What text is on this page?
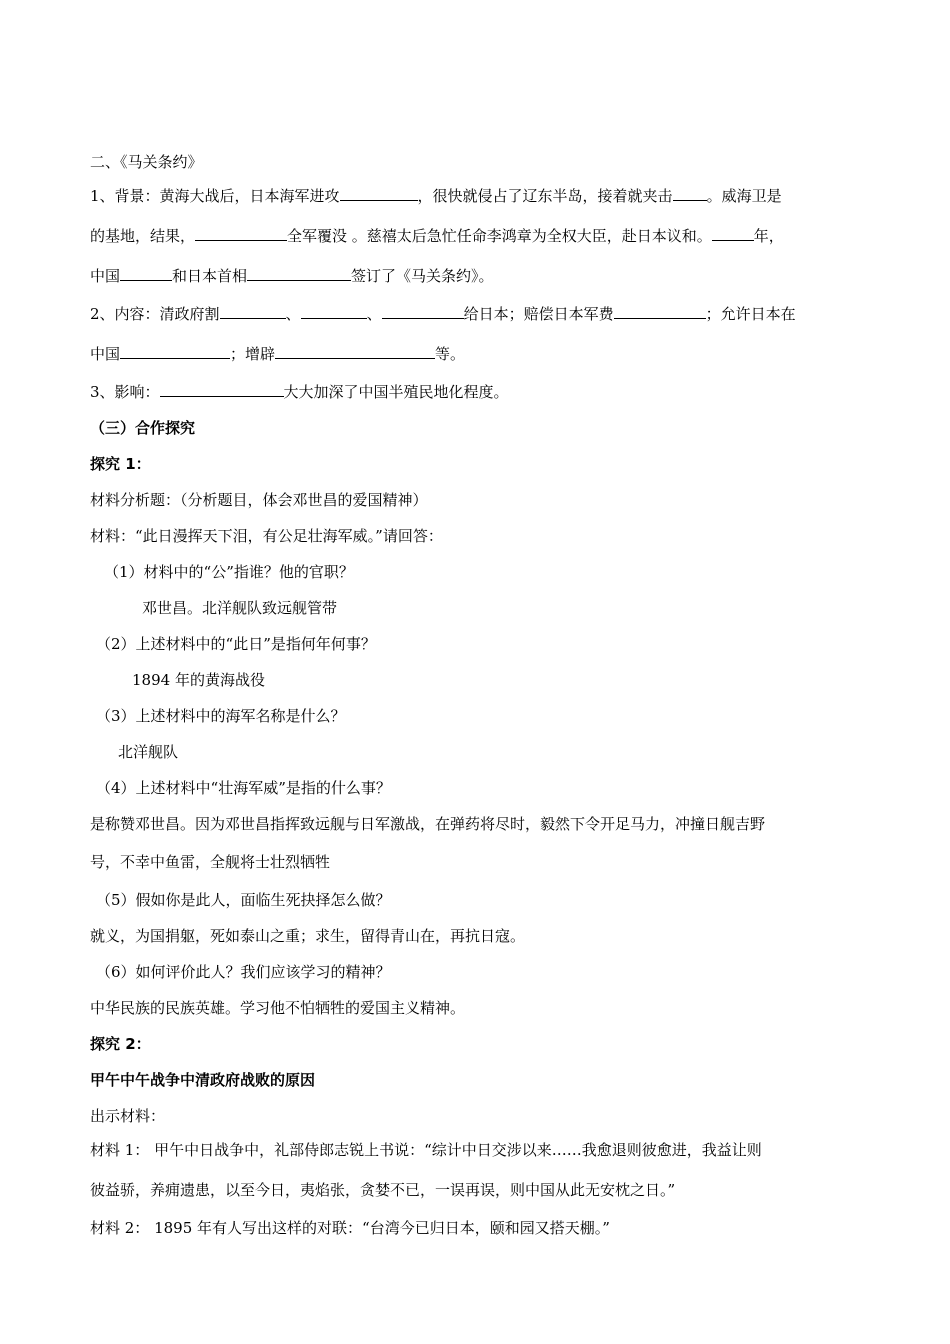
二、《马关条约》
1、背景：黄海大战后，日本海军进攻	，很快就侵占了辽东半岛，接着就夹击 。威海卫是
的基地，结果，	全军覆没 。慈禧太后急忙任命李鸿章为全权大臣，赴日本议和。	年，
中国	和日本首相	签订了《马关条约》。
2、内容：清政府割	、	、	给日本；赔偿日本军费	；允许日本在
中国	；增辟	等。
3、影响：	大大加深了中国半殖民地化程度。
（三）合作探究
探究 1：
材料分析题：（分析题目，体会邓世昌的爱国精神）
材料：“此日漫挥天下泪，有公足壮海军威。”请回答：
（1）材料中的“公”指谁？他的官职？
邓世昌。北洋舰队致远舰管带
（2）上述材料中的“此日”是指何年何事？
1894 年的黄海战役
（3）上述材料中的海军名称是什么？
北洋舰队
（4）上述材料中“壮海军威”是指的什么事？
是称赞邓世昌。因为邓世昌指挥致远舰与日军激战，在弹药将尽时，毅然下令开足马力，冲撞日舰吉野
号，不幸中鱼雷，全舰将士壮烈牺牲
（5）假如你是此人，面临生死抉择怎么做？
就义，为国捐躯，死如泰山之重；求生，留得青山在，再抗日寇。
（6）如何评价此人？我们应该学习的精神？
中华民族的民族英雄。学习他不怕牺牲的爱国主义精神。
探究 2：
甲午中午战争中清政府战败的原因
出示材料：
材料 1： 甲午中日战争中，礼部侍郎志锐上书说：“综计中日交涉以来……我愈退则彼愈进，我益让则
彼益骄，养痈遗患，以至今日，夷焰张，贪婪不已，一误再误，则中国从此无安枕之日。”
材料 2： 1895 年有人写出这样的对联：“台湾今已归日本，颐和园又搭天棚。”
